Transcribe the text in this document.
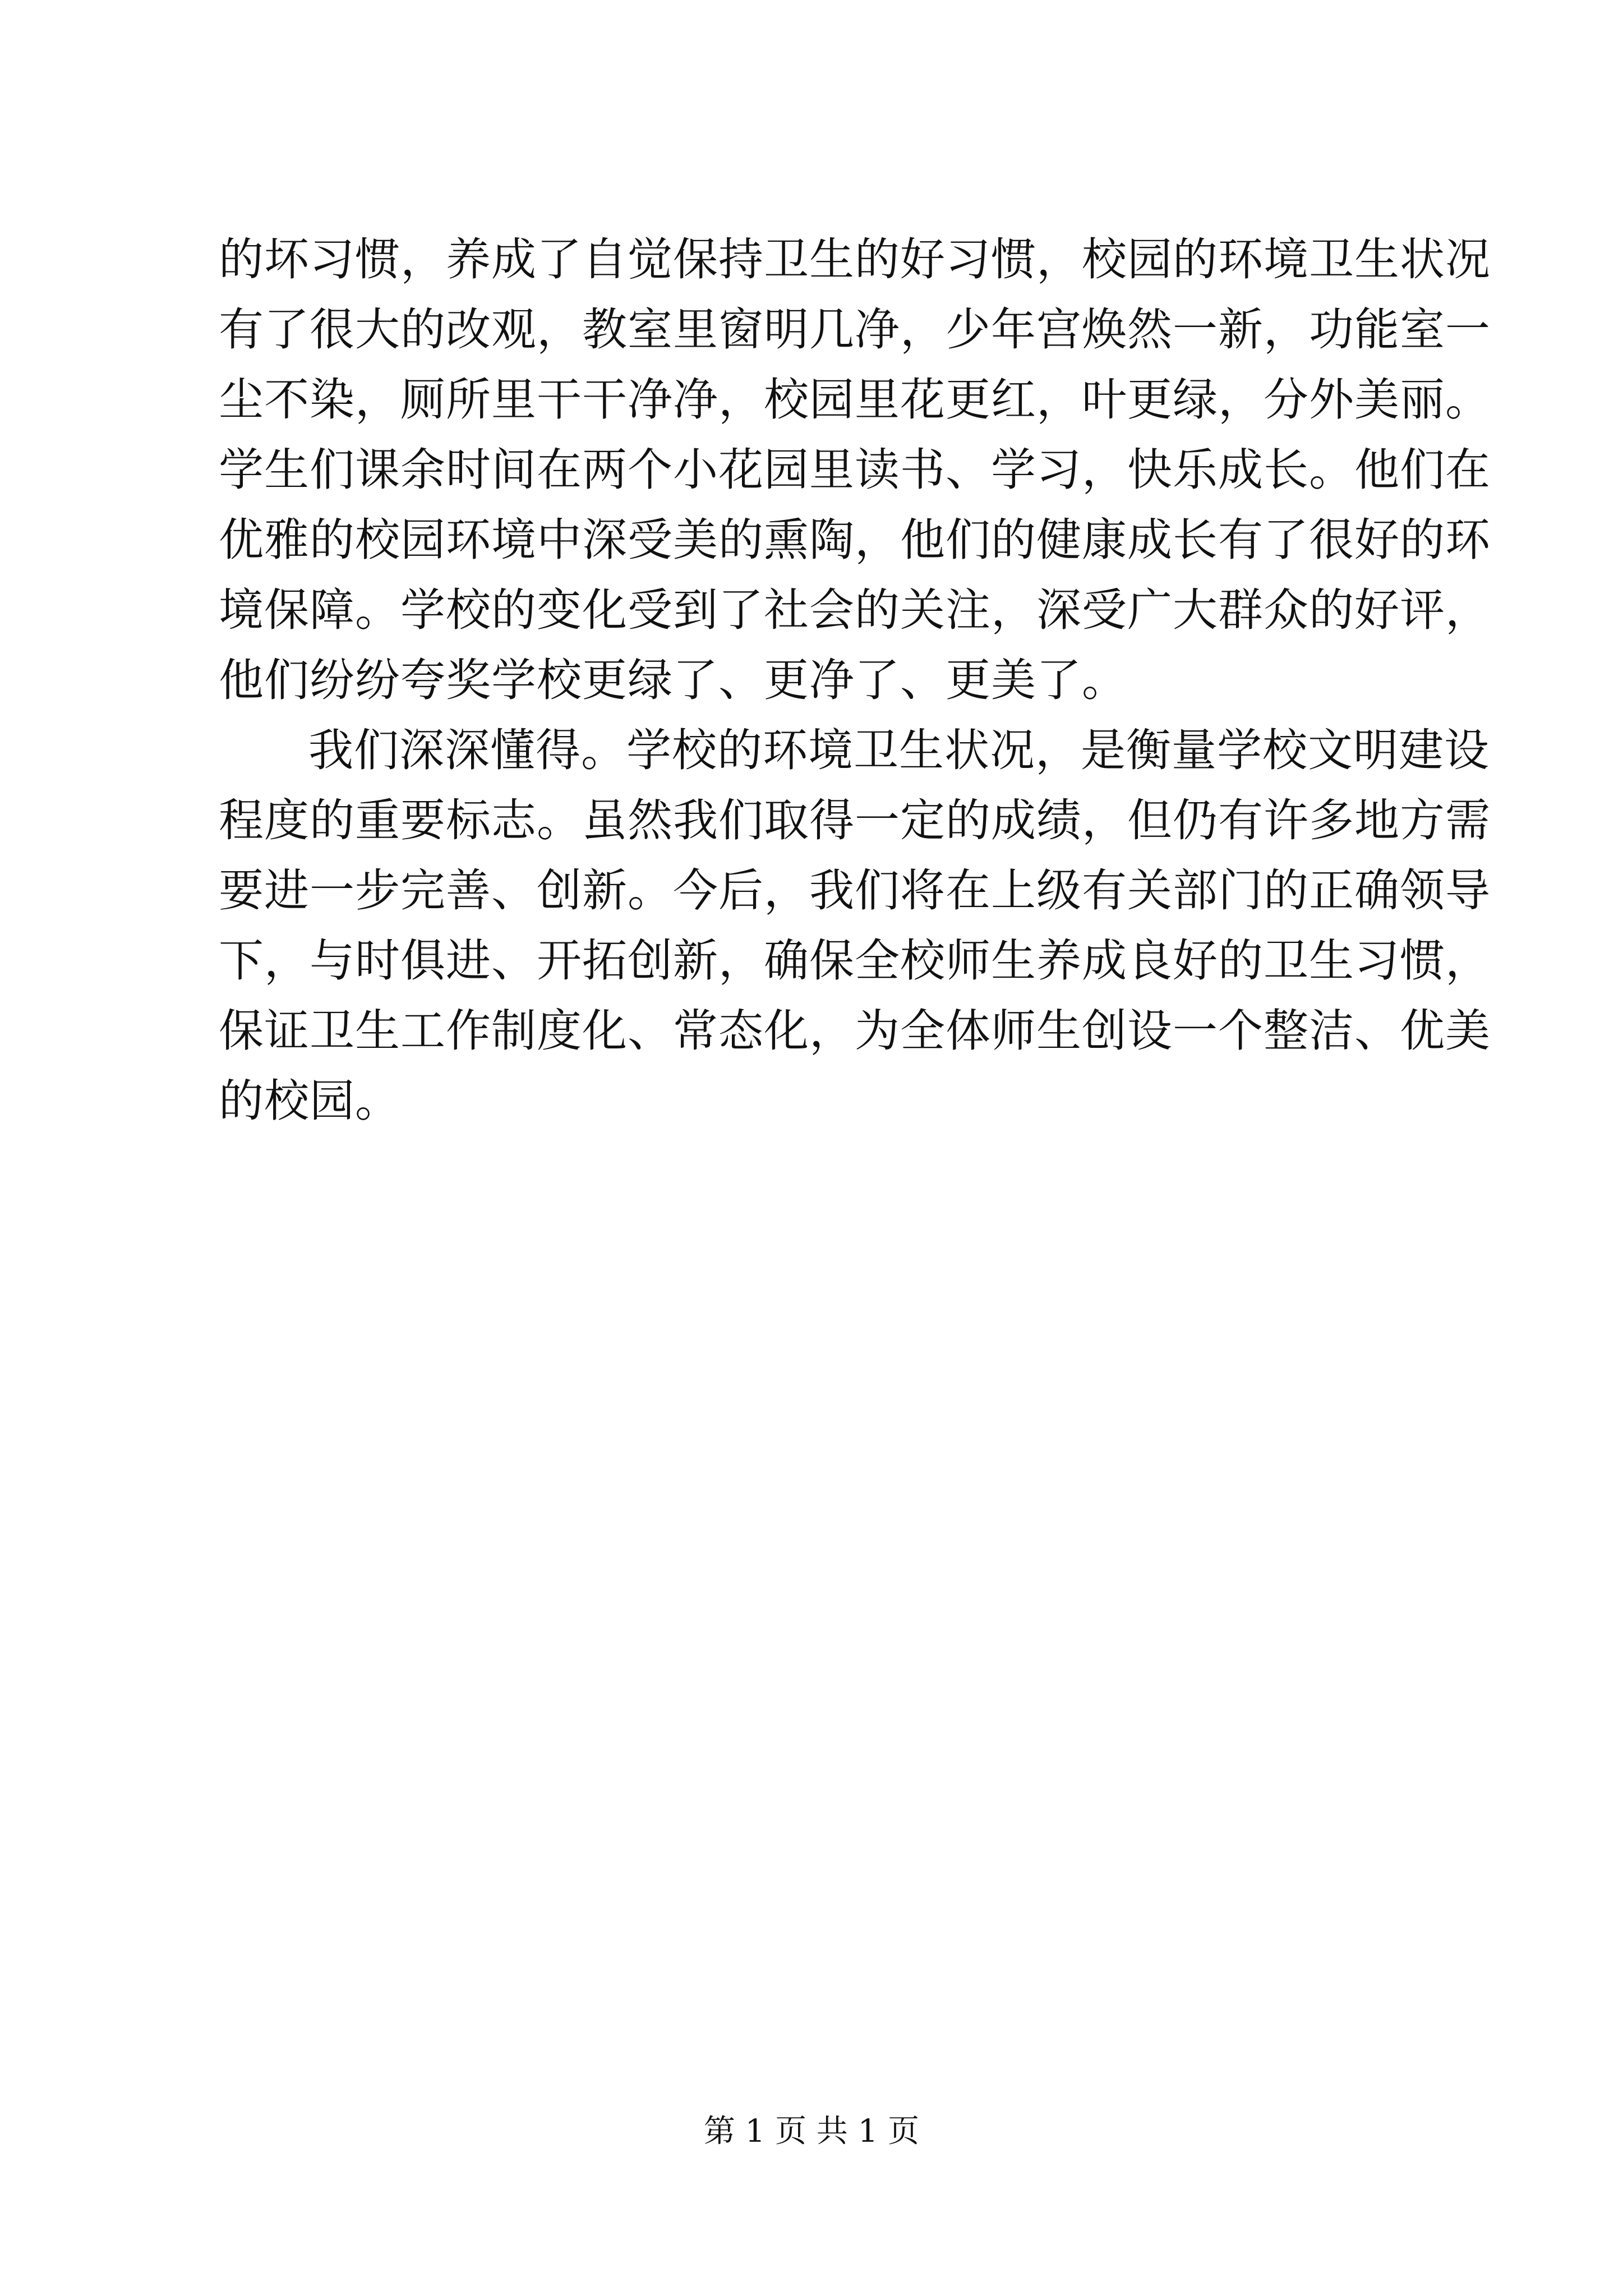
的坏习惯，养成了自觉保持卫生的好习惯，校园的环境卫生状况
有了很大的改观，教室里窗明几净，少年宫焕然一新，功能室一
尘不染，厕所里干干净净，校园里花更红，叶更绿，分外美丽。
学生们课余时间在两个小花园里读书、学习，快乐成长。他们在
优雅的校园环境中深受美的熏陶，他们的健康成长有了很好的环
境保障。学校的变化受到了社会的关注，深受广大群众的好评，
他们纷纷夸奖学校更绿了、更净了、更美了。
我们深深懂得。学校的环境卫生状况，是衡量学校文明建设
程度的重要标志。虽然我们取得一定的成绩，但仍有许多地方需
要进一步完善、创新。今后，我们将在上级有关部门的正确领导
下，与时俱进、开拓创新，确保全校师生养成良好的卫生习惯，
保证卫生工作制度化、常态化，为全体师生创设一个整洁、优美
的校园。
第 1 页 共 1 页
